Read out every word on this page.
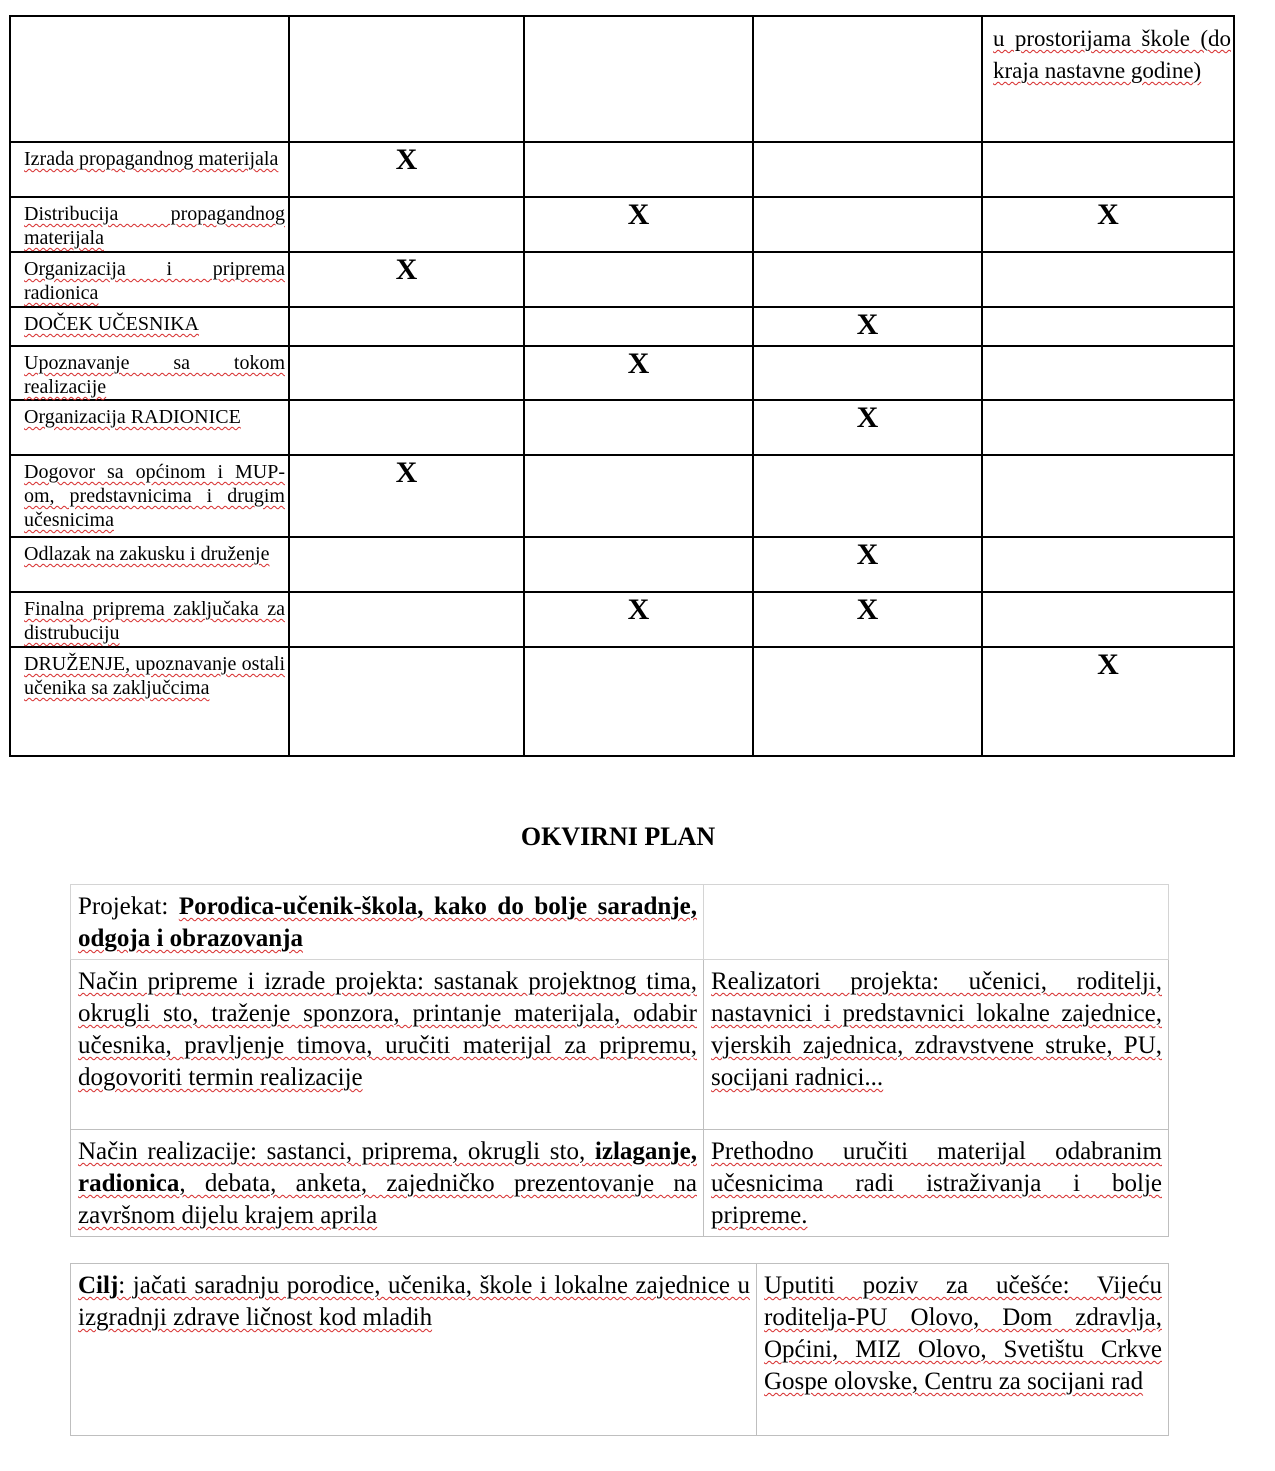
				u prostorijama škole (do kraja nastavne godine)
Izrada propagandnog materijala	X			
Distribucija propagandnog materijala		X		X
Organizacija i priprema radionica	X			
DOČEK UČESNIKA			X	
Upoznavanje sa tokom realizacije		X		
Organizacija RADIONICE			X	
Dogovor sa općinom i MUP-om, predstavnicima i drugim učesnicima	X			
Odlazak na zakusku i druženje			X	
Finalna priprema zaključaka za distrubuciju		X	X	
DRUŽENJE, upoznavanje ostali učenika sa zaključcima				X
OKVIRNI PLAN
Projekat: Porodica-učenik-škola, kako do bolje saradnje, odgoja i obrazovanja	
Način pripreme i izrade projekta: sastanak projektnog tima, okrugli sto, traženje sponzora, printanje materijala, odabir učesnika, pravljenje timova, uručiti materijal za pripremu, dogovoriti termin realizacije	Realizatori projekta: učenici, roditelji, nastavnici i predstavnici lokalne zajednice, vjerskih zajednica, zdravstvene struke, PU, socijani radnici...
Način realizacije: sastanci, priprema, okrugli sto, izlaganje, radionica, debata, anketa, zajedničko prezentovanje na završnom dijelu krajem aprila	Prethodno uručiti materijal odabranim učesnicima radi istraživanja i bolje pripreme.
Cilj: jačati saradnju porodice, učenika, škole i lokalne zajednice u izgradnji zdrave ličnost kod mladih	Uputiti poziv za učešće: Vijeću roditelja-PU Olovo, Dom zdravlja, Općini, MIZ Olovo, Svetištu Crkve Gospe olovske, Centru za socijani rad
